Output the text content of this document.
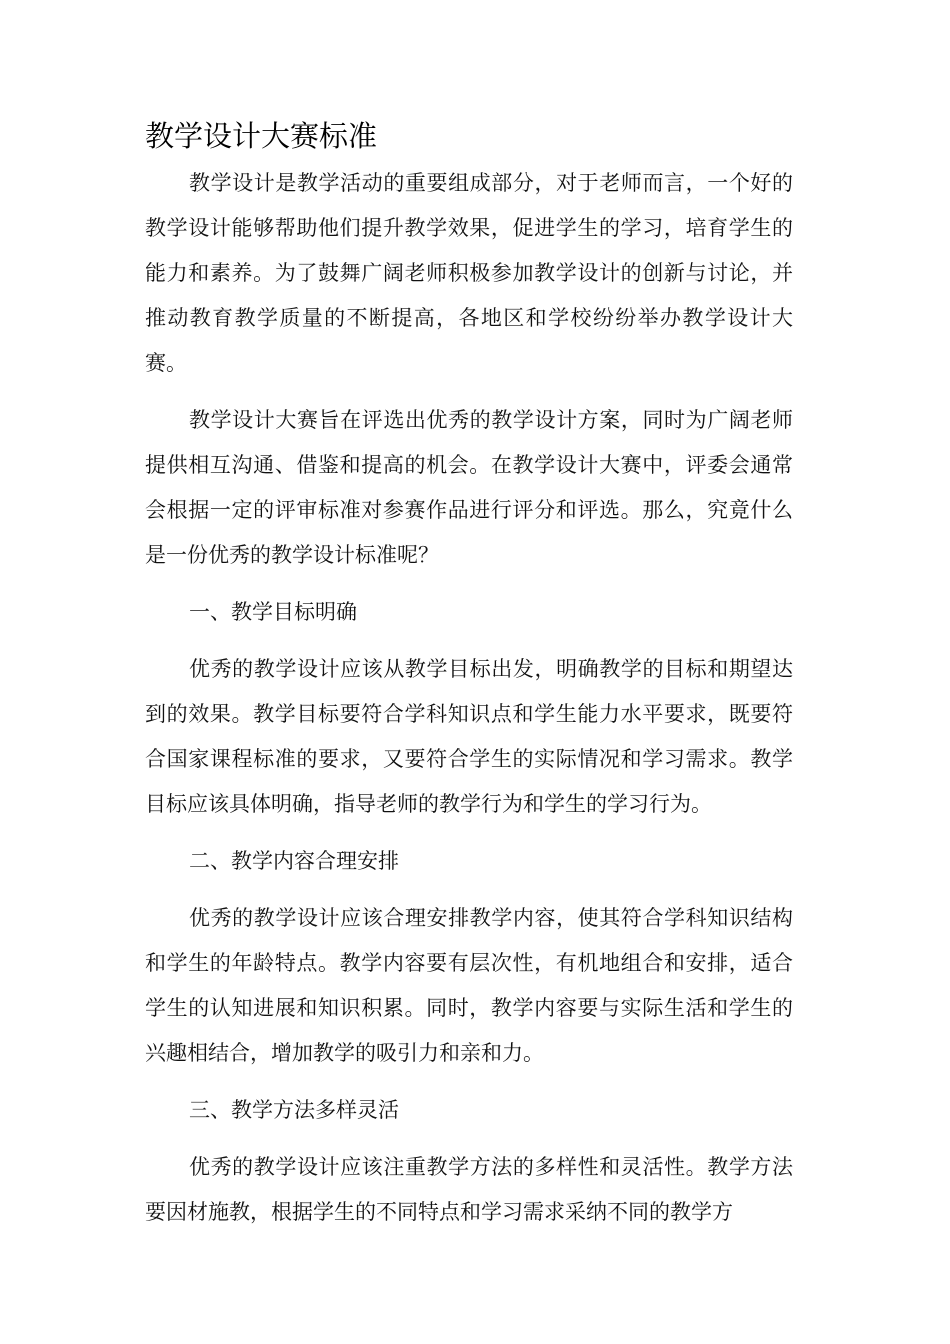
教学设计大赛标准

教学设计是教学活动的重要组成部分，对于老师而言，一个好的教学设计能够帮助他们提升教学效果，促进学生的学习，培育学生的能力和素养。为了鼓舞广阔老师积极参加教学设计的创新与讨论，并推动教育教学质量的不断提高，各地区和学校纷纷举办教学设计大赛。

教学设计大赛旨在评选出优秀的教学设计方案，同时为广阔老师提供相互沟通、借鉴和提高的机会。在教学设计大赛中，评委会通常会根据一定的评审标准对参赛作品进行评分和评选。那么，究竟什么是一份优秀的教学设计标准呢？

一、教学目标明确

优秀的教学设计应该从教学目标出发，明确教学的目标和期望达到的效果。教学目标要符合学科知识点和学生能力水平要求，既要符合国家课程标准的要求，又要符合学生的实际情况和学习需求。教学目标应该具体明确，指导老师的教学行为和学生的学习行为。

二、教学内容合理安排

优秀的教学设计应该合理安排教学内容，使其符合学科知识结构和学生的年龄特点。教学内容要有层次性，有机地组合和安排，适合学生的认知进展和知识积累。同时，教学内容要与实际生活和学生的兴趣相结合，增加教学的吸引力和亲和力。

三、教学方法多样灵活

优秀的教学设计应该注重教学方法的多样性和灵活性。教学方法要因材施教，根据学生的不同特点和学习需求采纳不同的教学方
